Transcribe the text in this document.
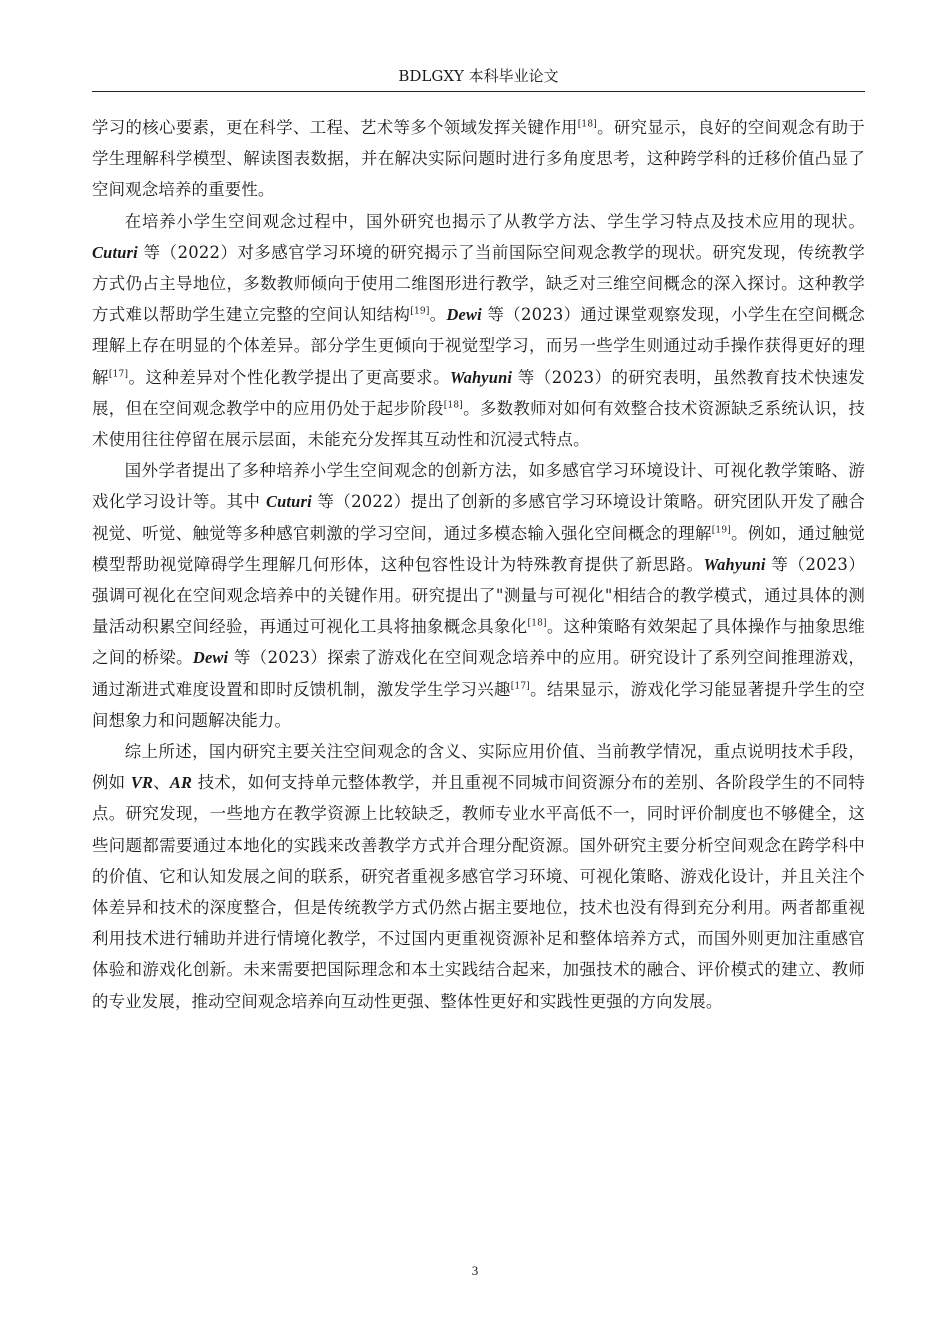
BDLGXY 本科毕业论文

学习的核心要素，更在科学、工程、艺术等多个领域发挥关键作用[18]。研究显示，良好的空间观念有助于学生理解科学模型、解读图表数据，并在解决实际问题时进行多角度思考，这种跨学科的迁移价值凸显了空间观念培养的重要性。

在培养小学生空间观念过程中，国外研究也揭示了从教学方法、学生学习特点及技术应用的现状。Cuturi 等（2022）对多感官学习环境的研究揭示了当前国际空间观念教学的现状。研究发现，传统教学方式仍占主导地位，多数教师倾向于使用二维图形进行教学，缺乏对三维空间概念的深入探讨。这种教学方式难以帮助学生建立完整的空间认知结构[19]。Dewi 等（2023）通过课堂观察发现，小学生在空间概念理解上存在明显的个体差异。部分学生更倾向于视觉型学习，而另一些学生则通过动手操作获得更好的理解[17]。这种差异对个性化教学提出了更高要求。Wahyuni 等（2023）的研究表明，虽然教育技术快速发展，但在空间观念教学中的应用仍处于起步阶段[18]。多数教师对如何有效整合技术资源缺乏系统认识，技术使用往往停留在展示层面，未能充分发挥其互动性和沉浸式特点。

国外学者提出了多种培养小学生空间观念的创新方法，如多感官学习环境设计、可视化教学策略、游戏化学习设计等。其中 Cuturi 等（2022）提出了创新的多感官学习环境设计策略。研究团队开发了融合视觉、听觉、触觉等多种感官刺激的学习空间，通过多模态输入强化空间概念的理解[19]。例如，通过触觉模型帮助视觉障碍学生理解几何形体，这种包容性设计为特殊教育提供了新思路。Wahyuni 等（2023）强调可视化在空间观念培养中的关键作用。研究提出了"测量与可视化"相结合的教学模式，通过具体的测量活动积累空间经验，再通过可视化工具将抽象概念具象化[18]。这种策略有效架起了具体操作与抽象思维之间的桥梁。Dewi 等（2023）探索了游戏化在空间观念培养中的应用。研究设计了系列空间推理游戏，通过渐进式难度设置和即时反馈机制，激发学生学习兴趣[17]。结果显示，游戏化学习能显著提升学生的空间想象力和问题解决能力。

综上所述，国内研究主要关注空间观念的含义、实际应用价值、当前教学情况，重点说明技术手段，例如 VR、AR 技术，如何支持单元整体教学，并且重视不同城市间资源分布的差别、各阶段学生的不同特点。研究发现，一些地方在教学资源上比较缺乏，教师专业水平高低不一，同时评价制度也不够健全，这些问题都需要通过本地化的实践来改善教学方式并合理分配资源。国外研究主要分析空间观念在跨学科中的价值、它和认知发展之间的联系，研究者重视多感官学习环境、可视化策略、游戏化设计，并且关注个体差异和技术的深度整合，但是传统教学方式仍然占据主要地位，技术也没有得到充分利用。两者都重视利用技术进行辅助并进行情境化教学，不过国内更重视资源补足和整体培养方式，而国外则更加注重感官体验和游戏化创新。未来需要把国际理念和本土实践结合起来，加强技术的融合、评价模式的建立、教师的专业发展，推动空间观念培养向互动性更强、整体性更好和实践性更强的方向发展。

3
